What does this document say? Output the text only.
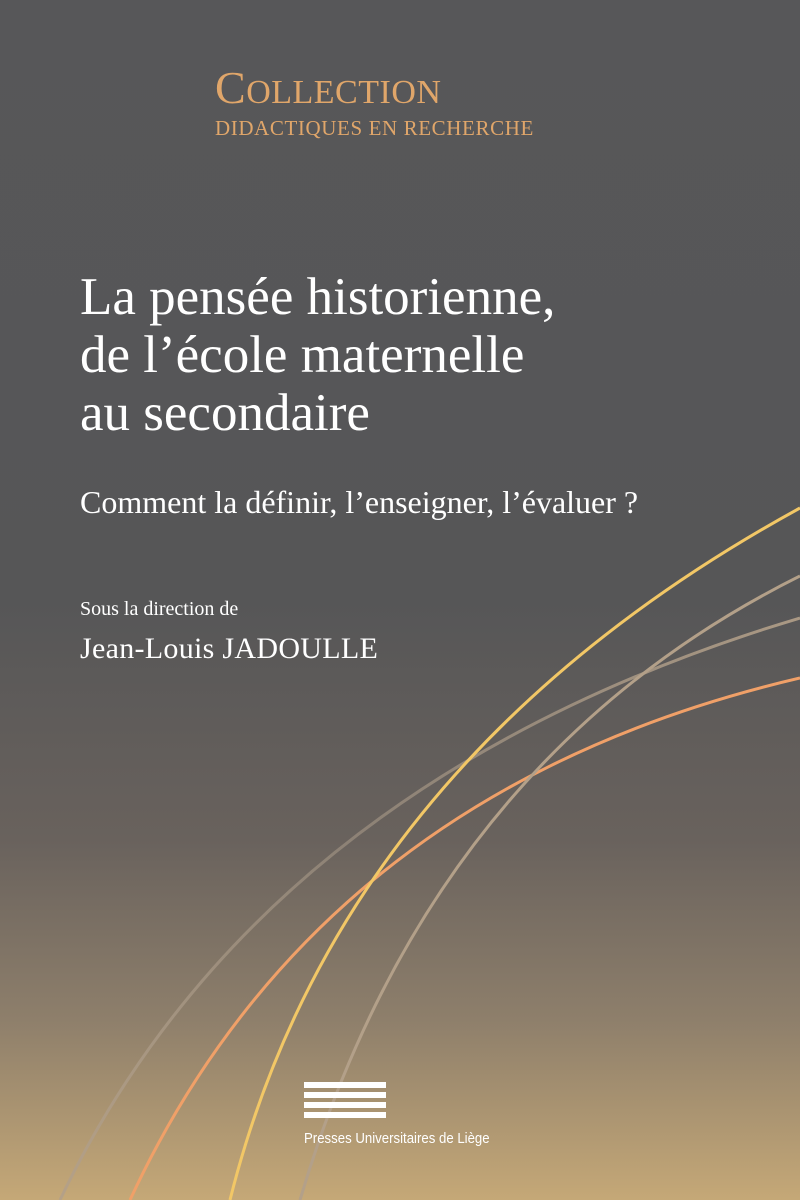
COLLECTION
DIDACTIQUES EN RECHERCHE
La pensée historienne,
de l’école maternelle
au secondaire
Comment la définir, l’enseigner, l’évaluer ?
Sous la direction de
Jean-Louis JADOULLE
Presses Universitaires de Liège
